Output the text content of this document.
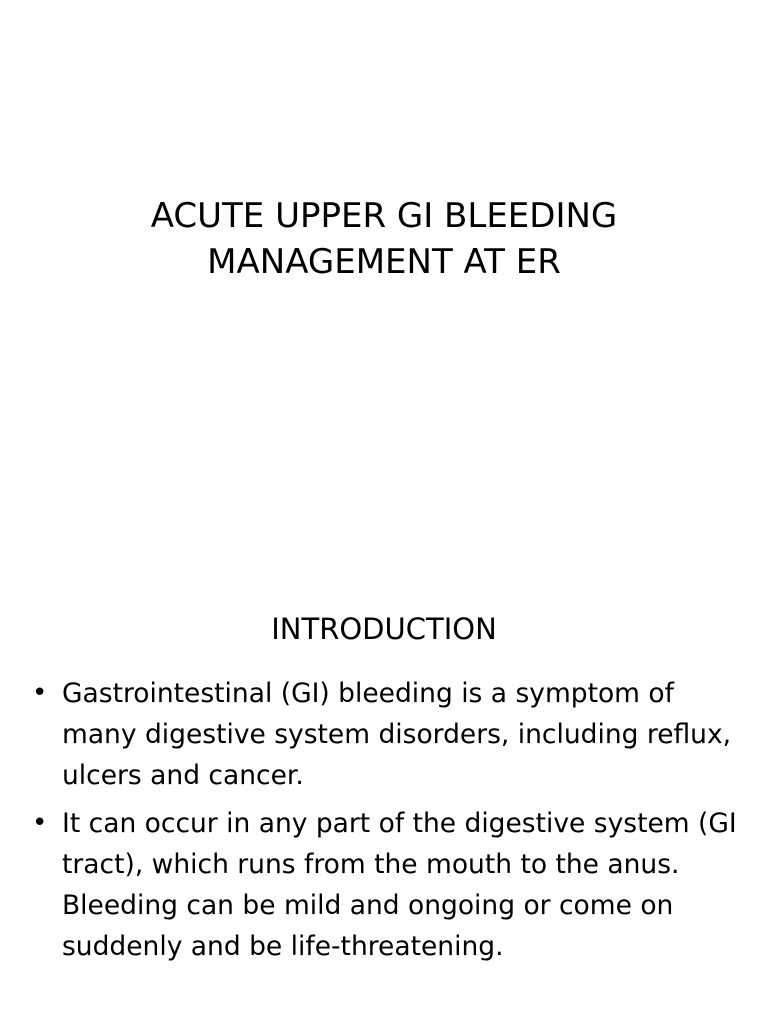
ACUTE UPPER GI BLEEDING
MANAGEMENT AT ER
INTRODUCTION
• Gastrointestinal (GI) bleeding is a symptom of many digestive system disorders, including reflux, ulcers and cancer.
• It can occur in any part of the digestive system (GI tract), which runs from the mouth to the anus. Bleeding can be mild and ongoing or come on suddenly and be life-threatening.
